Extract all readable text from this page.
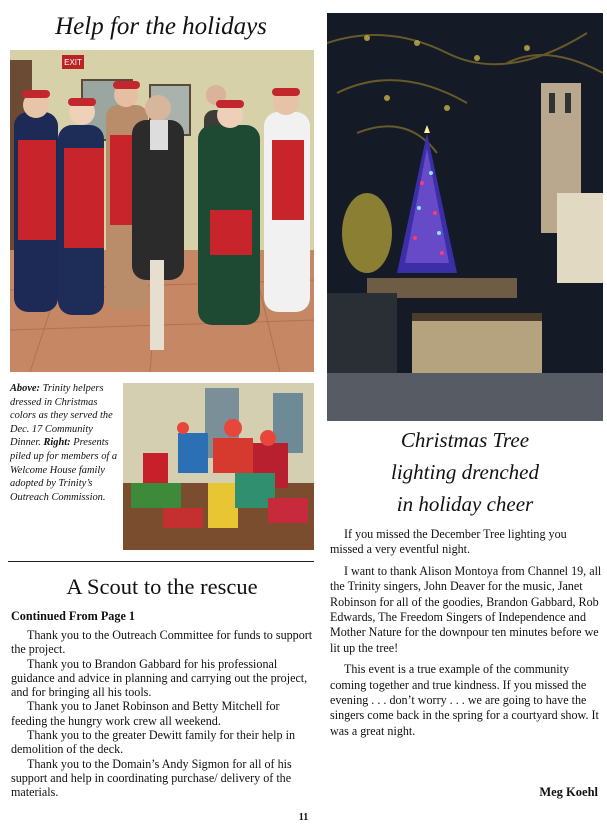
Help for the holidays
EXIT
Above: Trinity helpers dressed in Christmas colors as they served the Dec. 17 Community Dinner. Right: Presents piled up for members of a Welcome House family adopted by Trinity’s Outreach Commission.
A Scout to the rescue
Continued From Page 1

Thank you to the Outreach Committee for funds to support the project.

Thank you to Brandon Gabbard for his professional guidance and advice in planning and carrying out the project, and for bringing all his tools.

Thank you to Janet Robinson and Betty Mitchell for feeding the hungry work crew all weekend.

Thank you to the greater Dewitt family for their help in demolition of the deck.

Thank you to the Domain’s Andy Sigmon for all of his support and help in coordinating purchase/ delivery of the materials.

Christmas Tree
lighting drenched
in holiday cheer

If you missed the December Tree lighting you missed a very eventful night.

I want to thank Alison Montoya from Channel 19, all the Trinity singers, John Deaver for the music, Janet Robinson for all of the goodies, Brandon Gabbard, Rob Edwards, The Freedom Singers of Independence and Mother Nature for the downpour ten minutes before we lit up the tree!

This event is a true example of the community coming together and true kindness. If you missed the evening . . . don’t worry . . . we are going to have the singers come back in the spring for a courtyard show. It was a great night.

Meg Koehl
11
